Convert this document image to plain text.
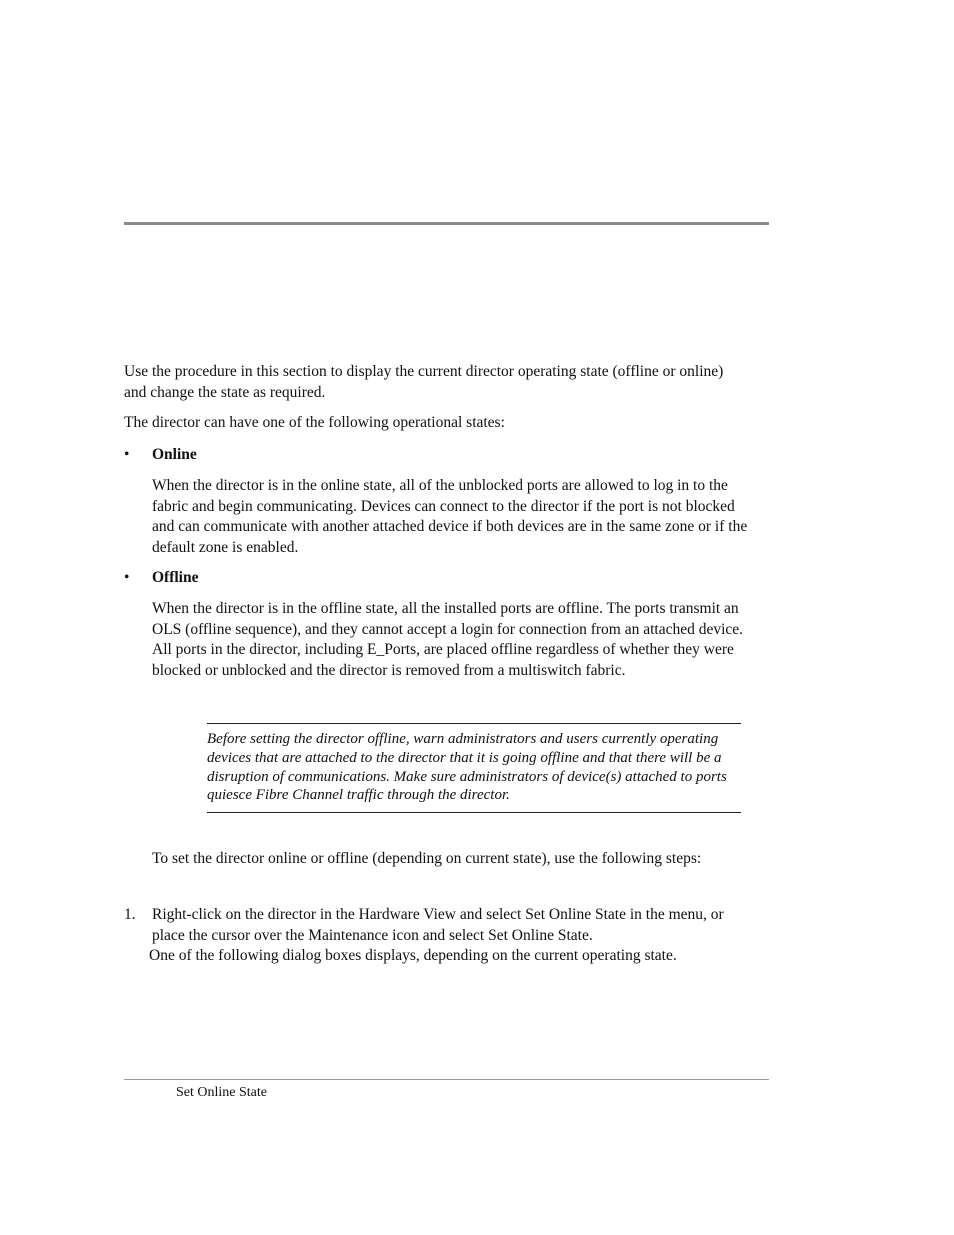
Use the procedure in this section to display the current director operating state (offline or online) and change the state as required.

The director can have one of the following operational states:

• Online

When the director is in the online state, all of the unblocked ports are allowed to log in to the fabric and begin communicating. Devices can connect to the director if the port is not blocked and can communicate with another attached device if both devices are in the same zone or if the default zone is enabled.

• Offline

When the director is in the offline state, all the installed ports are offline. The ports transmit an OLS (offline sequence), and they cannot accept a login for connection from an attached device. All ports in the director, including E_Ports, are placed offline regardless of whether they were blocked or unblocked and the director is removed from a multiswitch fabric.

Before setting the director offline, warn administrators and users currently operating devices that are attached to the director that it is going offline and that there will be a disruption of communications. Make sure administrators of device(s) attached to ports quiesce Fibre Channel traffic through the director.

To set the director online or offline (depending on current state), use the following steps:

1. Right-click on the director in the Hardware View and select Set Online State in the menu, or place the cursor over the Maintenance icon and select Set Online State.

One of the following dialog boxes displays, depending on the current operating state.

Set Online State
